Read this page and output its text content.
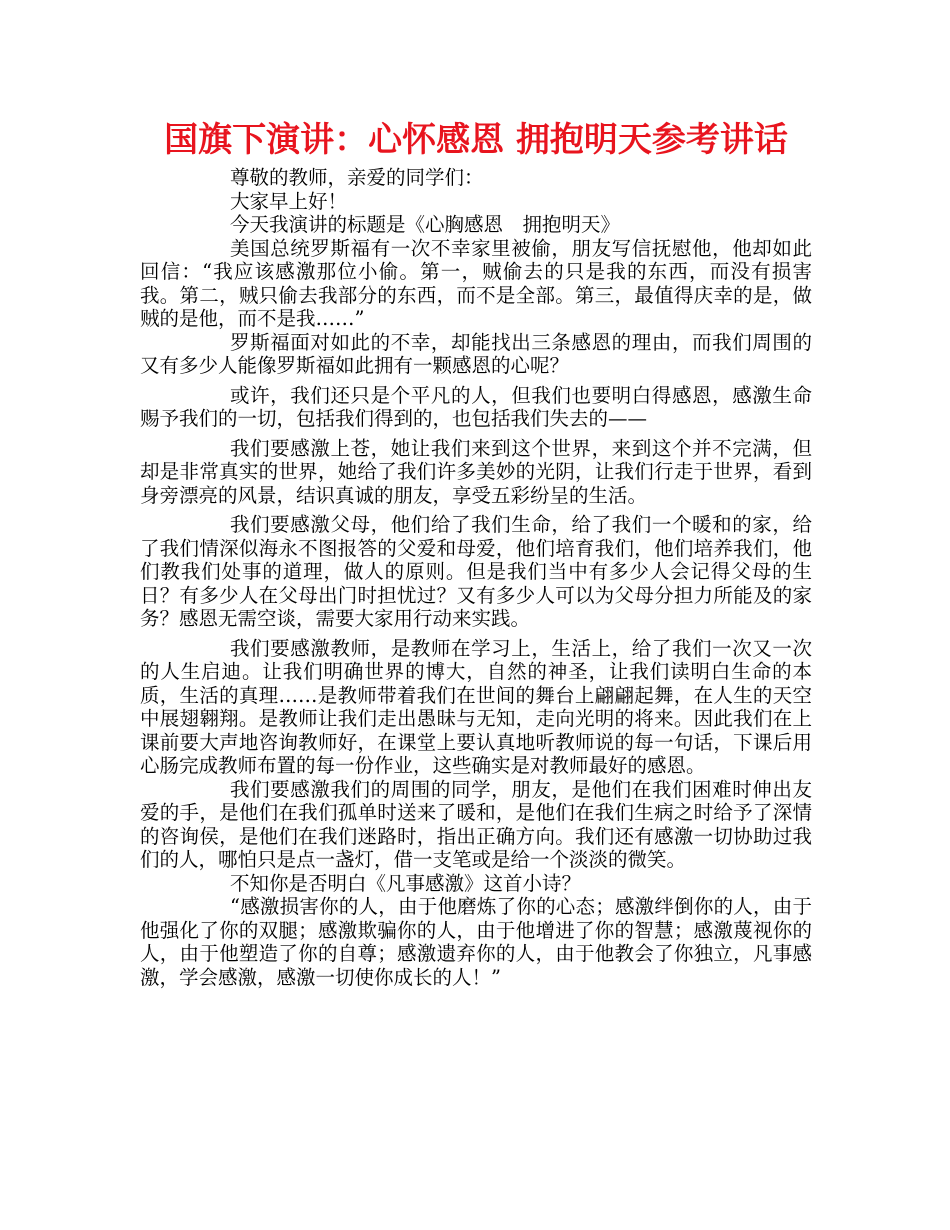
国旗下演讲：心怀感恩 拥抱明天参考讲话

尊敬的教师，亲爱的同学们：

大家早上好！

今天我演讲的标题是《心胸感恩　拥抱明天》

美国总统罗斯福有一次不幸家里被偷，朋友写信抚慰他，他却如此回信：“我应该感激那位小偷。第一，贼偷去的只是我的东西，而没有损害我。第二，贼只偷去我部分的东西，而不是全部。第三，最值得庆幸的是，做贼的是他，而不是我……”

罗斯福面对如此的不幸，却能找出三条感恩的理由，而我们周围的又有多少人能像罗斯福如此拥有一颗感恩的心呢？

或许，我们还只是个平凡的人，但我们也要明白得感恩，感激生命赐予我们的一切，包括我们得到的，也包括我们失去的——

我们要感激上苍，她让我们来到这个世界，来到这个并不完满，但却是非常真实的世界，她给了我们许多美妙的光阴，让我们行走于世界，看到身旁漂亮的风景，结识真诚的朋友，享受五彩纷呈的生活。

我们要感激父母，他们给了我们生命，给了我们一个暖和的家，给了我们情深似海永不图报答的父爱和母爱，他们培育我们，他们培养我们，他们教我们处事的道理，做人的原则。但是我们当中有多少人会记得父母的生日？有多少人在父母出门时担忧过？又有多少人可以为父母分担力所能及的家务？感恩无需空谈，需要大家用行动来实践。

我们要感激教师，是教师在学习上，生活上，给了我们一次又一次的人生启迪。让我们明确世界的博大，自然的神圣，让我们读明白生命的本质，生活的真理……是教师带着我们在世间的舞台上翩翩起舞，在人生的天空中展翅翱翔。是教师让我们走出愚昧与无知，走向光明的将来。因此我们在上课前要大声地咨询教师好，在课堂上要认真地听教师说的每一句话，下课后用心肠完成教师布置的每一份作业，这些确实是对教师最好的感恩。

我们要感激我们的周围的同学，朋友，是他们在我们困难时伸出友爱的手，是他们在我们孤单时送来了暖和，是他们在我们生病之时给予了深情的咨询侯，是他们在我们迷路时，指出正确方向。我们还有感激一切协助过我们的人，哪怕只是点一盏灯，借一支笔或是给一个淡淡的微笑。

不知你是否明白《凡事感激》这首小诗？

“感激损害你的人，由于他磨炼了你的心态；感激绊倒你的人，由于他强化了你的双腿；感激欺骗你的人，由于他增进了你的智慧；感激蔑视你的人，由于他塑造了你的自尊；感激遗弃你的人，由于他教会了你独立，凡事感激，学会感激，感激一切使你成长的人！”
